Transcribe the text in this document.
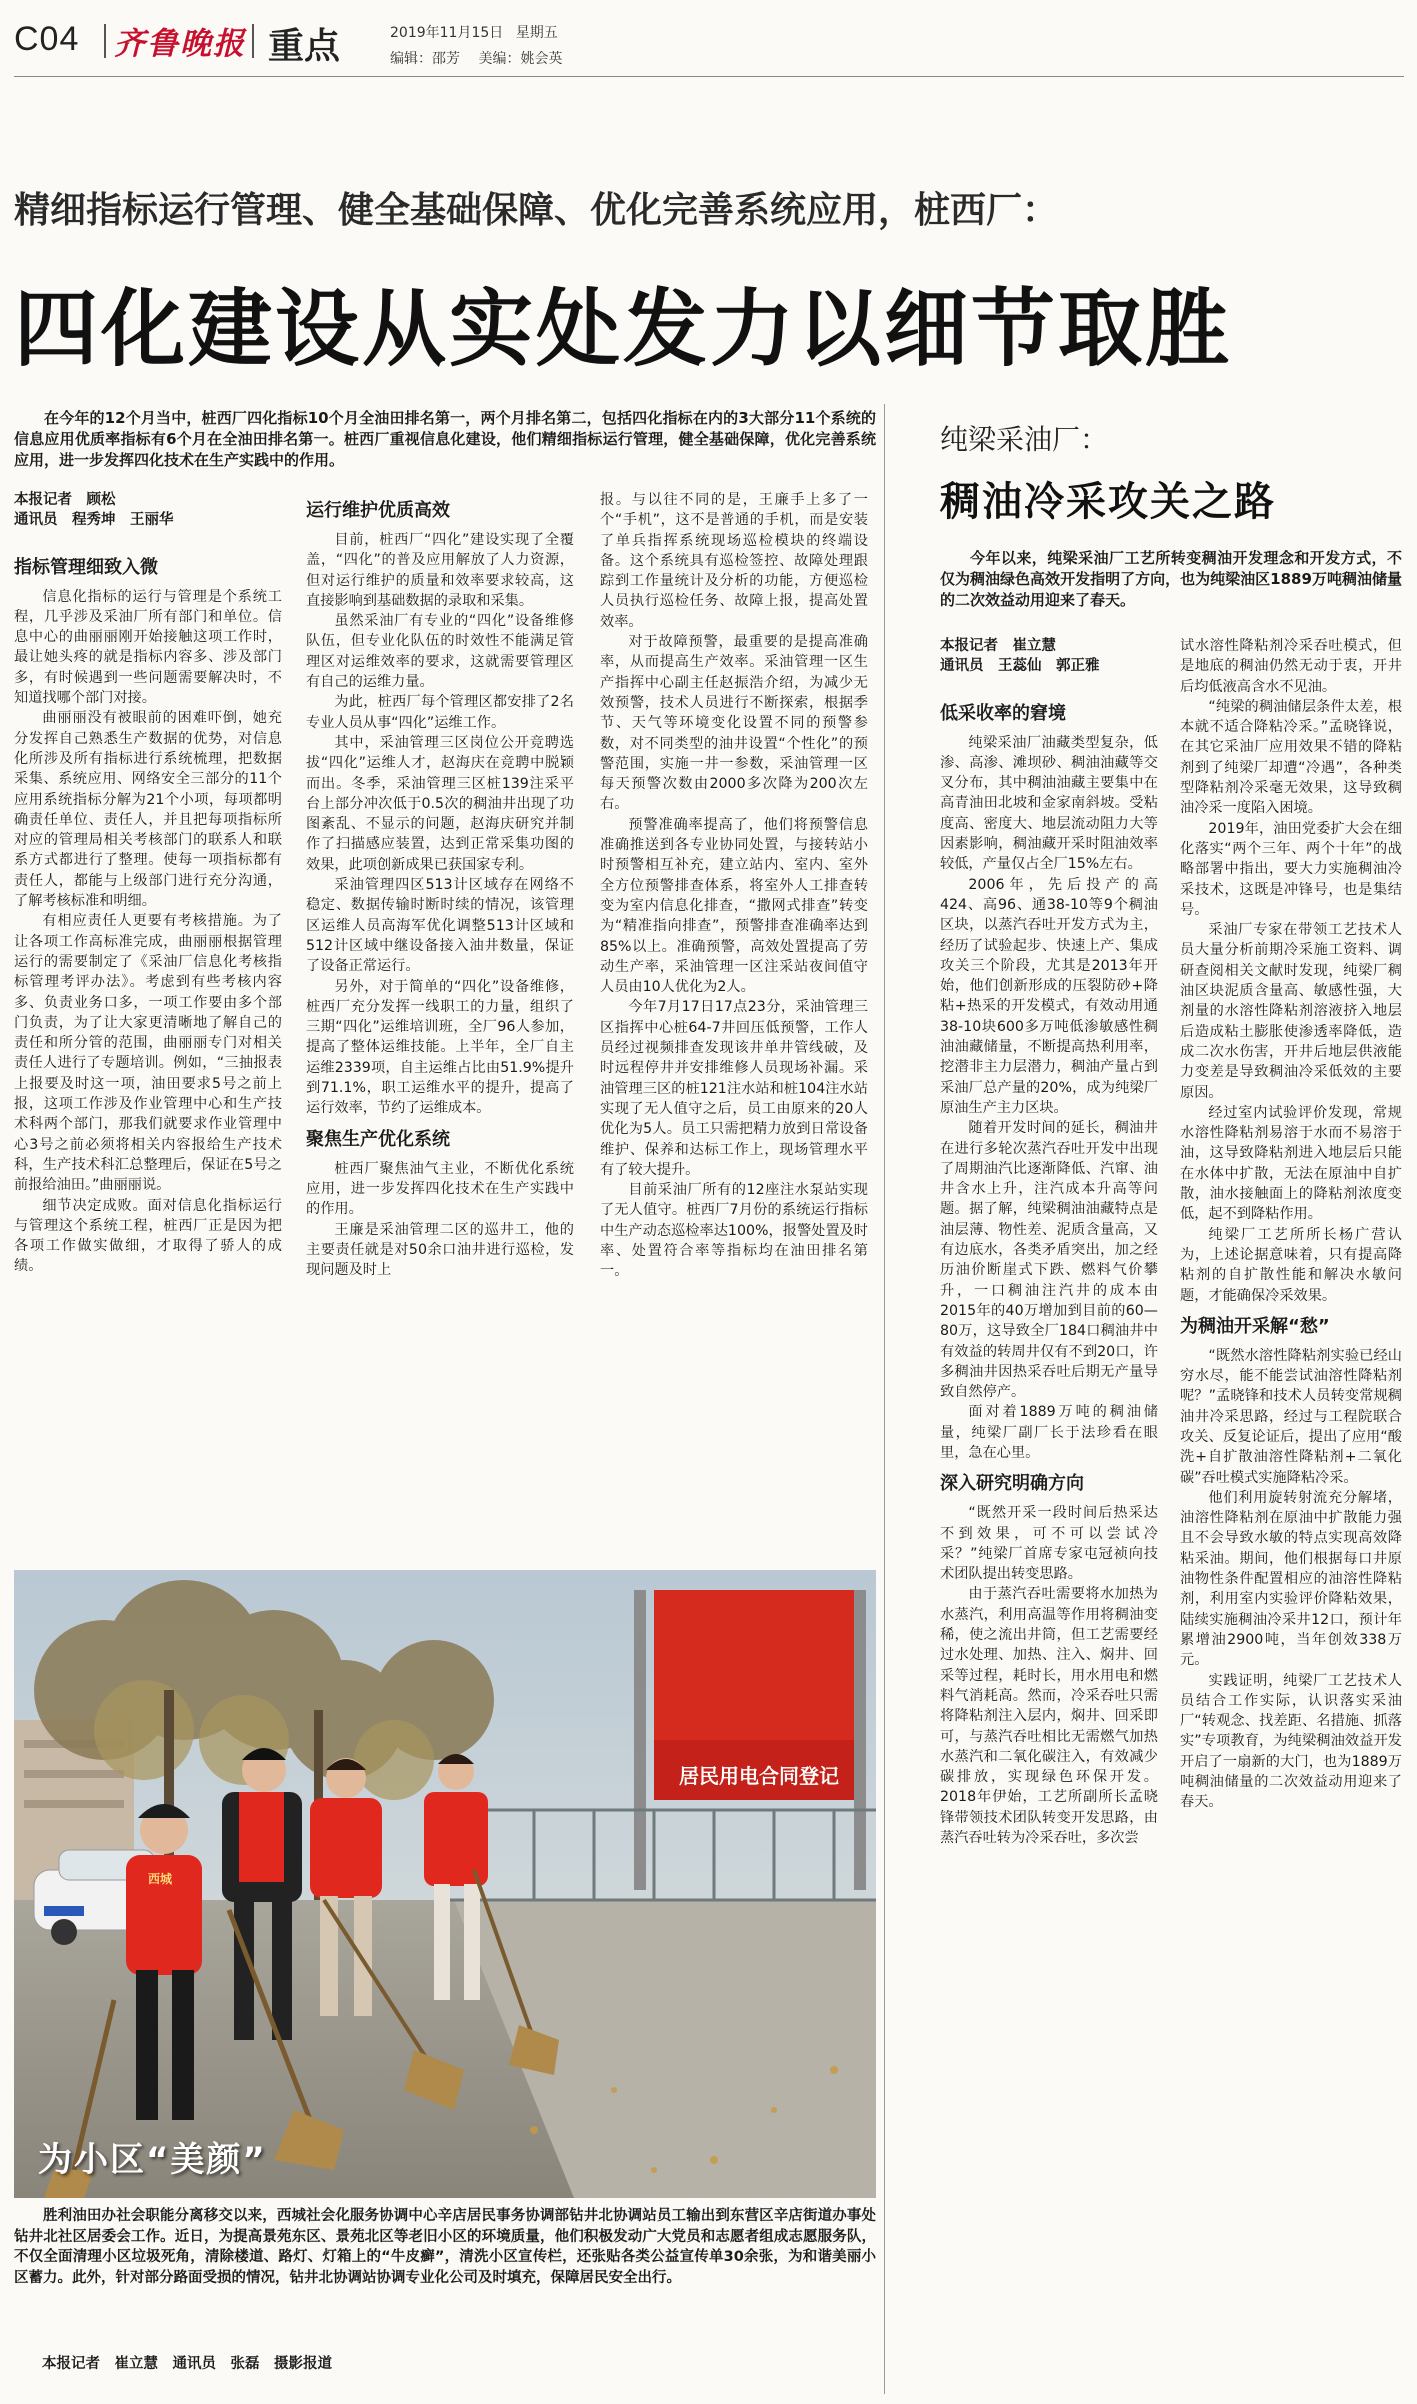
C04 齐鲁晚报 重点	2019年11月15日 星期五
编辑：邵芳 美编：姚会英
精细指标运行管理、健全基础保障、优化完善系统应用，桩西厂：
四化建设从实处发力以细节取胜
在今年的12个月当中，桩西厂四化指标10个月全油田排名第一，两个月排名第二，包括四化指标在内的3大部分11个系统的信息应用优质率指标有6个月在全油田排名第一。桩西厂重视信息化建设，他们精细指标运行管理，健全基础保障，优化完善系统应用，进一步发挥四化技术在生产实践中的作用。

本报记者　顾松

通讯员　程秀坤　王丽华

指标管理细致入微

信息化指标的运行与管理是个系统工程，几乎涉及采油厂所有部门和单位。信息中心的曲丽丽刚开始接触这项工作时，最让她头疼的就是指标内容多、涉及部门多，有时候遇到一些问题需要解决时，不知道找哪个部门对接。

曲丽丽没有被眼前的困难吓倒，她充分发挥自己熟悉生产数据的优势，对信息化所涉及所有指标进行系统梳理，把数据采集、系统应用、网络安全三部分的11个应用系统指标分解为21个小项，每项都明确责任单位、责任人，并且把每项指标所对应的管理局相关考核部门的联系人和联系方式都进行了整理。使每一项指标都有责任人，都能与上级部门进行充分沟通，了解考核标准和明细。

有相应责任人更要有考核措施。为了让各项工作高标准完成，曲丽丽根据管理运行的需要制定了《采油厂信息化考核指标管理考评办法》。考虑到有些考核内容多、负责业务口多，一项工作要由多个部门负责，为了让大家更清晰地了解自己的责任和所分管的范围，曲丽丽专门对相关责任人进行了专题培训。例如，“三抽报表上报要及时这一项，油田要求5号之前上报，这项工作涉及作业管理中心和生产技术科两个部门，那我们就要求作业管理中心3号之前必须将相关内容报给生产技术科，生产技术科汇总整理后，保证在5号之前报给油田。”曲丽丽说。

细节决定成败。面对信息化指标运行与管理这个系统工程，桩西厂正是因为把各项工作做实做细，才取得了骄人的成绩。

运行维护优质高效

目前，桩西厂“四化”建设实现了全覆盖，“四化”的普及应用解放了人力资源，但对运行维护的质量和效率要求较高，这直接影响到基础数据的录取和采集。

虽然采油厂有专业的“四化”设备维修队伍，但专业化队伍的时效性不能满足管理区对运维效率的要求，这就需要管理区有自己的运维力量。

为此，桩西厂每个管理区都安排了2名专业人员从事“四化”运维工作。

其中，采油管理三区岗位公开竞聘选拔“四化”运维人才，赵海庆在竞聘中脱颖而出。冬季，采油管理三区桩139注采平台上部分冲次低于0.5次的稠油井出现了功图紊乱、不显示的问题，赵海庆研究并制作了扫描感应装置，达到正常采集功图的效果，此项创新成果已获国家专利。

采油管理四区513计区域存在网络不稳定、数据传输时断时续的情况，该管理区运维人员高海军优化调整513计区域和512计区域中继设备接入油井数量，保证了设备正常运行。

另外，对于简单的“四化”设备维修，桩西厂充分发挥一线职工的力量，组织了三期“四化”运维培训班，全厂96人参加，提高了整体运维技能。上半年，全厂自主运维2339项，自主运维占比由51.9%提升到71.1%，职工运维水平的提升，提高了运行效率，节约了运维成本。

聚焦生产优化系统

桩西厂聚焦油气主业，不断优化系统应用，进一步发挥四化技术在生产实践中的作用。

王廉是采油管理二区的巡井工，他的主要责任就是对50余口油井进行巡检，发现问题及时上

报。与以往不同的是，王廉手上多了一个“手机”，这不是普通的手机，而是安装了单兵指挥系统现场巡检模块的终端设备。这个系统具有巡检签控、故障处理跟踪到工作量统计及分析的功能，方便巡检人员执行巡检任务、故障上报，提高处置效率。

对于故障预警，最重要的是提高准确率，从而提高生产效率。采油管理一区生产指挥中心副主任赵振浩介绍，为减少无效预警，技术人员进行不断探索，根据季节、天气等环境变化设置不同的预警参数，对不同类型的油井设置“个性化”的预警范围，实施一井一参数，采油管理一区每天预警次数由2000多次降为200次左右。

预警准确率提高了，他们将预警信息准确推送到各专业协同处置，与接转站小时预警相互补充，建立站内、室内、室外全方位预警排查体系，将室外人工排查转变为室内信息化排查，“撒网式排查”转变为“精准指向排查”，预警排查准确率达到85%以上。准确预警，高效处置提高了劳动生产率，采油管理一区注采站夜间值守人员由10人优化为2人。

今年7月17日17点23分，采油管理三区指挥中心桩64-7井回压低预警，工作人员经过视频排查发现该井单井管线破，及时远程停井并安排维修人员现场补漏。采油管理三区的桩121注水站和桩104注水站实现了无人值守之后，员工由原来的20人优化为5人。员工只需把精力放到日常设备维护、保养和达标工作上，现场管理水平有了较大提升。

目前采油厂所有的12座注水泵站实现了无人值守。桩西厂7月份的系统运行指标中生产动态巡检率达100%，报警处置及时率、处置符合率等指标均在油田排名第一。

纯梁采油厂：
稠油冷采攻关之路
今年以来，纯梁采油厂工艺所转变稠油开发理念和开发方式，不仅为稠油绿色高效开发指明了方向，也为纯梁油区1889万吨稠油储量的二次效益动用迎来了春天。

本报记者　崔立慧

通讯员　王蕊仙　郭正雅

低采收率的窘境

纯梁采油厂油藏类型复杂，低渗、高渗、滩坝砂、稠油油藏等交叉分布，其中稠油油藏主要集中在高青油田北坡和金家南斜坡。受粘度高、密度大、地层流动阻力大等因素影响，稠油藏开采时阻油效率较低，产量仅占全厂15%左右。

2006年，先后投产的高424、高96、通38-10等9个稠油区块，以蒸汽吞吐开发方式为主，经历了试验起步、快速上产、集成攻关三个阶段，尤其是2013年开始，他们创新形成的压裂防砂+降粘+热采的开发模式，有效动用通38-10块600多万吨低渗敏感性稠油油藏储量，不断提高热利用率，挖潜非主力层潜力，稠油产量占到采油厂总产量的20%，成为纯梁厂原油生产主力区块。

随着开发时间的延长，稠油井在进行多轮次蒸汽吞吐开发中出现了周期油汽比逐渐降低、汽窜、油井含水上升，注汽成本升高等问题。据了解，纯梁稠油油藏特点是油层薄、物性差、泥质含量高，又有边底水，各类矛盾突出，加之经历油价断崖式下跌、燃料气价攀升，一口稠油注汽井的成本由2015年的40万增加到目前的60—80万，这导致全厂184口稠油井中有效益的转周井仅有不到20口，许多稠油井因热采吞吐后期无产量导致自然停产。

面对着1889万吨的稠油储量，纯梁厂副厂长于法珍看在眼里，急在心里。

深入研究明确方向

“既然开采一段时间后热采达不到效果，可不可以尝试冷采？”纯梁厂首席专家屯冠祯向技术团队提出转变思路。

由于蒸汽吞吐需要将水加热为水蒸汽，利用高温等作用将稠油变稀，使之流出井筒，但工艺需要经过水处理、加热、注入、焖井、回采等过程，耗时长，用水用电和燃料气消耗高。然而，冷采吞吐只需将降粘剂注入层内，焖井、回采即可，与蒸汽吞吐相比无需燃气加热水蒸汽和二氧化碳注入，有效减少碳排放，实现绿色环保开发。2018年伊始，工艺所副所长孟晓锋带领技术团队转变开发思路，由蒸汽吞吐转为冷采吞吐，多次尝

试水溶性降粘剂冷采吞吐模式，但是地底的稠油仍然无动于衷，开井后均低液高含水不见油。

“纯梁的稠油储层条件太差，根本就不适合降粘冷采。”孟晓锋说，在其它采油厂应用效果不错的降粘剂到了纯梁厂却遭“冷遇”，各种类型降粘剂冷采毫无效果，这导致稠油冷采一度陷入困境。

2019年，油田党委扩大会在细化落实“两个三年、两个十年”的战略部署中指出，要大力实施稠油冷采技术，这既是冲锋号，也是集结号。

采油厂专家在带领工艺技术人员大量分析前期冷采施工资料、调研查阅相关文献时发现，纯梁厂稠油区块泥质含量高、敏感性强，大剂量的水溶性降粘剂溶液挤入地层后造成粘土膨胀使渗透率降低，造成二次水伤害，开井后地层供液能力变差是导致稠油冷采低效的主要原因。

经过室内试验评价发现，常规水溶性降粘剂易溶于水而不易溶于油，这导致降粘剂进入地层后只能在水体中扩散，无法在原油中自扩散，油水接触面上的降粘剂浓度变低，起不到降粘作用。

纯梁厂工艺所所长杨广营认为，上述论据意味着，只有提高降粘剂的自扩散性能和解决水敏问题，才能确保冷采效果。

为稠油开采解“愁”

“既然水溶性降粘剂实验已经山穷水尽，能不能尝试油溶性降粘剂呢？”孟晓锋和技术人员转变常规稠油井冷采思路，经过与工程院联合攻关、反复论证后，提出了应用“酸洗+自扩散油溶性降粘剂+二氧化碳”吞吐模式实施降粘冷采。

他们利用旋转射流充分解堵，油溶性降粘剂在原油中扩散能力强且不会导致水敏的特点实现高效降粘采油。期间，他们根据每口井原油物性条件配置相应的油溶性降粘剂，利用室内实验评价降粘效果，陆续实施稠油冷采井12口，预计年累增油2900吨，当年创效338万元。

实践证明，纯梁厂工艺技术人员结合工作实际，认识落实采油厂“转观念、找差距、名措施、抓落实”专项教育，为纯梁稠油效益开发开启了一扇新的大门，也为1889万吨稠油储量的二次效益动用迎来了春天。

居民用电合同登记
西城
为小区“美颜”
胜利油田办社会职能分离移交以来，西城社会化服务协调中心辛店居民事务协调部钻井北协调站员工输出到东营区辛店街道办事处钻井北社区居委会工作。近日，为提高景苑东区、景苑北区等老旧小区的环境质量，他们积极发动广大党员和志愿者组成志愿服务队，不仅全面清理小区垃圾死角，清除楼道、路灯、灯箱上的“牛皮癣”，清洗小区宣传栏，还张贴各类公益宣传单30余张，为和谐美丽小区蓄力。此外，针对部分路面受损的情况，钻井北协调站协调专业化公司及时填充，保障居民安全出行。
本报记者　崔立慧　通讯员　张磊　摄影报道
